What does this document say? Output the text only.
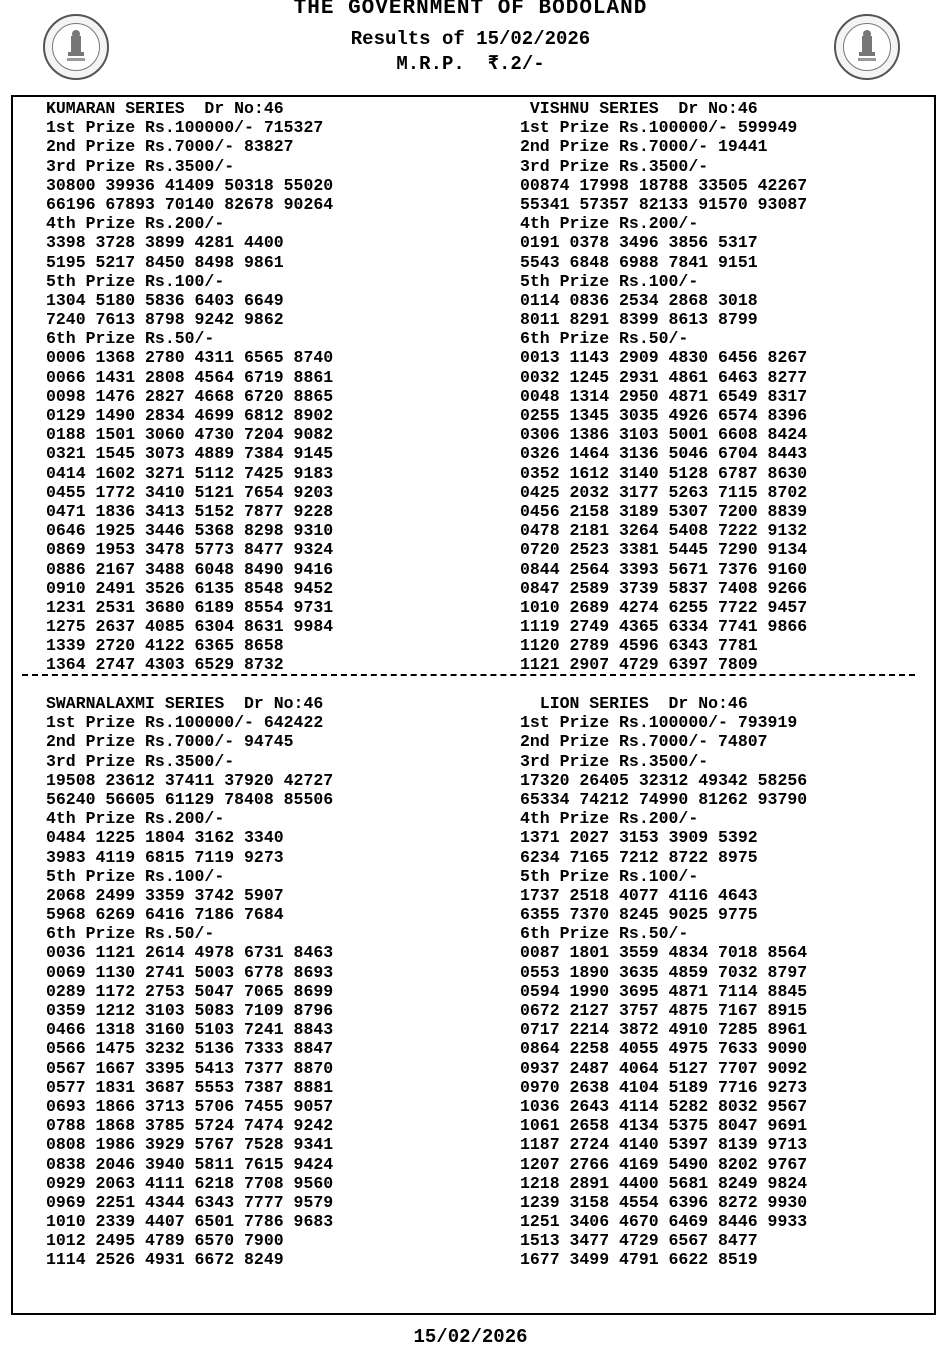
THE GOVERNMENT OF BODOLAND
Results of 15/02/2026
M.R.P.  ₹.2/-
KUMARAN SERIES  Dr No:46
1st Prize Rs.100000/- 715327
2nd Prize Rs.7000/- 83827
3rd Prize Rs.3500/-
30800 39936 41409 50318 55020
66196 67893 70140 82678 90264
4th Prize Rs.200/-
3398 3728 3899 4281 4400
5195 5217 8450 8498 9861
5th Prize Rs.100/-
1304 5180 5836 6403 6649
7240 7613 8798 9242 9862
6th Prize Rs.50/-
0006 1368 2780 4311 6565 8740
0066 1431 2808 4564 6719 8861
0098 1476 2827 4668 6720 8865
0129 1490 2834 4699 6812 8902
0188 1501 3060 4730 7204 9082
0321 1545 3073 4889 7384 9145
0414 1602 3271 5112 7425 9183
0455 1772 3410 5121 7654 9203
0471 1836 3413 5152 7877 9228
0646 1925 3446 5368 8298 9310
0869 1953 3478 5773 8477 9324
0886 2167 3488 6048 8490 9416
0910 2491 3526 6135 8548 9452
1231 2531 3680 6189 8554 9731
1275 2637 4085 6304 8631 9984
1339 2720 4122 6365 8658
1364 2747 4303 6529 8732
VISHNU SERIES  Dr No:46
1st Prize Rs.100000/- 599949
2nd Prize Rs.7000/- 19441
3rd Prize Rs.3500/-
00874 17998 18788 33505 42267
55341 57357 82133 91570 93087
4th Prize Rs.200/-
0191 0378 3496 3856 5317
5543 6848 6988 7841 9151
5th Prize Rs.100/-
0114 0836 2534 2868 3018
8011 8291 8399 8613 8799
6th Prize Rs.50/-
0013 1143 2909 4830 6456 8267
0032 1245 2931 4861 6463 8277
0048 1314 2950 4871 6549 8317
0255 1345 3035 4926 6574 8396
0306 1386 3103 5001 6608 8424
0326 1464 3136 5046 6704 8443
0352 1612 3140 5128 6787 8630
0425 2032 3177 5263 7115 8702
0456 2158 3189 5307 7200 8839
0478 2181 3264 5408 7222 9132
0720 2523 3381 5445 7290 9134
0844 2564 3393 5671 7376 9160
0847 2589 3739 5837 7408 9266
1010 2689 4274 6255 7722 9457
1119 2749 4365 6334 7741 9866
1120 2789 4596 6343 7781
1121 2907 4729 6397 7809
SWARNALAXMI SERIES  Dr No:46
1st Prize Rs.100000/- 642422
2nd Prize Rs.7000/- 94745
3rd Prize Rs.3500/-
19508 23612 37411 37920 42727
56240 56605 61129 78408 85506
4th Prize Rs.200/-
0484 1225 1804 3162 3340
3983 4119 6815 7119 9273
5th Prize Rs.100/-
2068 2499 3359 3742 5907
5968 6269 6416 7186 7684
6th Prize Rs.50/-
0036 1121 2614 4978 6731 8463
0069 1130 2741 5003 6778 8693
0289 1172 2753 5047 7065 8699
0359 1212 3103 5083 7109 8796
0466 1318 3160 5103 7241 8843
0566 1475 3232 5136 7333 8847
0567 1667 3395 5413 7377 8870
0577 1831 3687 5553 7387 8881
0693 1866 3713 5706 7455 9057
0788 1868 3785 5724 7474 9242
0808 1986 3929 5767 7528 9341
0838 2046 3940 5811 7615 9424
0929 2063 4111 6218 7708 9560
0969 2251 4344 6343 7777 9579
1010 2339 4407 6501 7786 9683
1012 2495 4789 6570 7900
1114 2526 4931 6672 8249
LION SERIES  Dr No:46
1st Prize Rs.100000/- 793919
2nd Prize Rs.7000/- 74807
3rd Prize Rs.3500/-
17320 26405 32312 49342 58256
65334 74212 74990 81262 93790
4th Prize Rs.200/-
1371 2027 3153 3909 5392
6234 7165 7212 8722 8975
5th Prize Rs.100/-
1737 2518 4077 4116 4643
6355 7370 8245 9025 9775
6th Prize Rs.50/-
0087 1801 3559 4834 7018 8564
0553 1890 3635 4859 7032 8797
0594 1990 3695 4871 7114 8845
0672 2127 3757 4875 7167 8915
0717 2214 3872 4910 7285 8961
0864 2258 4055 4975 7633 9090
0937 2487 4064 5127 7707 9092
0970 2638 4104 5189 7716 9273
1036 2643 4114 5282 8032 9567
1061 2658 4134 5375 8047 9691
1187 2724 4140 5397 8139 9713
1207 2766 4169 5490 8202 9767
1218 2891 4400 5681 8249 9824
1239 3158 4554 6396 8272 9930
1251 3406 4670 6469 8446 9933
1513 3477 4729 6567 8477
1677 3499 4791 6622 8519
15/02/2026
